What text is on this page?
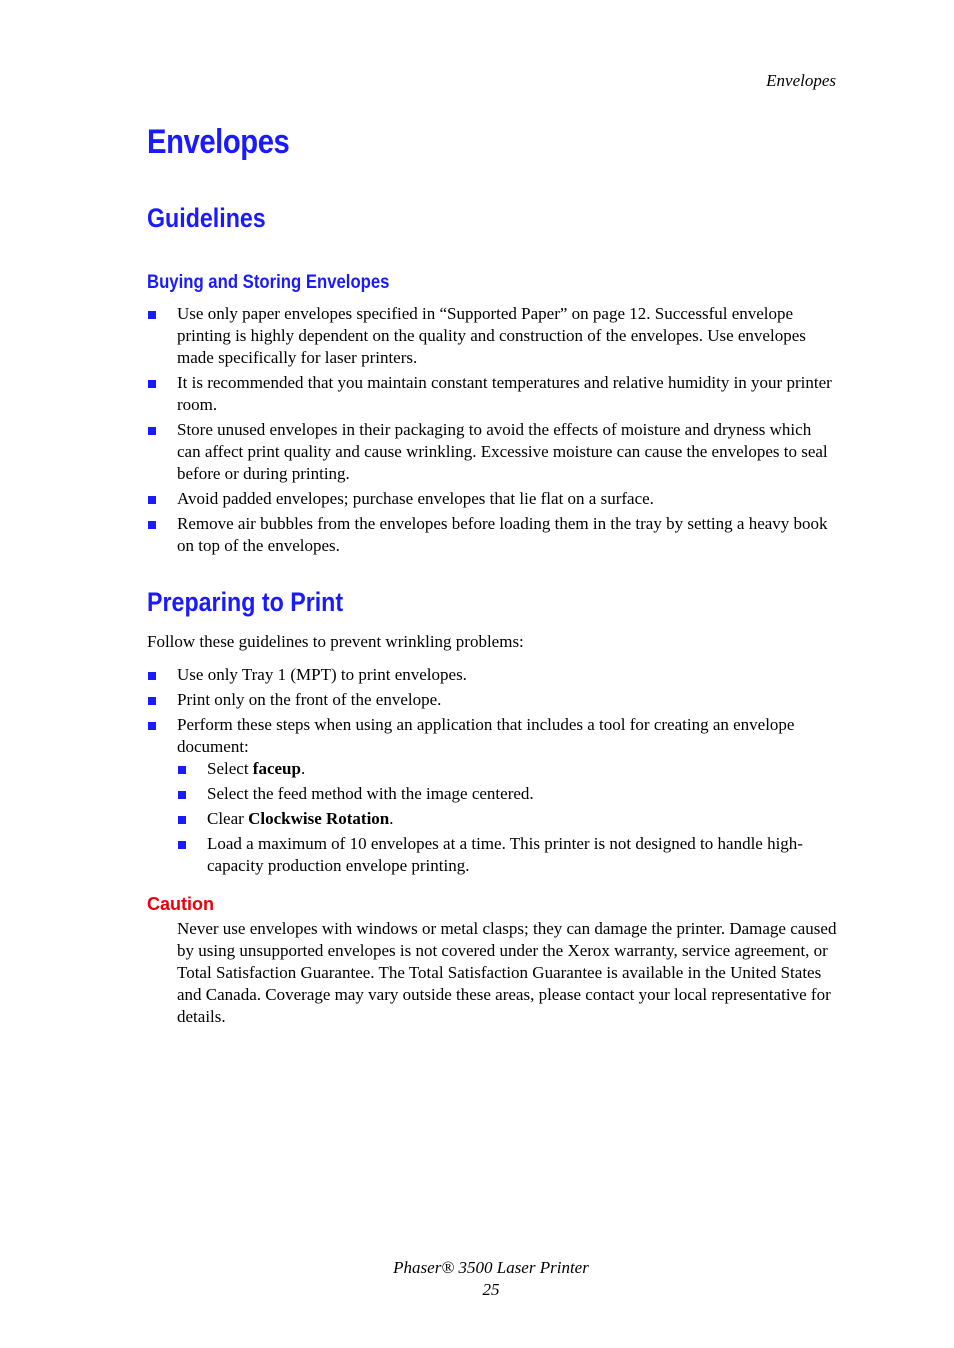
Envelopes
Envelopes
Guidelines
Buying and Storing Envelopes
Use only paper envelopes specified in “Supported Paper” on page 12. Successful envelope printing is highly dependent on the quality and construction of the envelopes. Use envelopes made specifically for laser printers.
It is recommended that you maintain constant temperatures and relative humidity in your printer room.
Store unused envelopes in their packaging to avoid the effects of moisture and dryness which can affect print quality and cause wrinkling. Excessive moisture can cause the envelopes to seal before or during printing.
Avoid padded envelopes; purchase envelopes that lie flat on a surface.
Remove air bubbles from the envelopes before loading them in the tray by setting a heavy book on top of the envelopes.
Preparing to Print
Follow these guidelines to prevent wrinkling problems:
Use only Tray 1 (MPT) to print envelopes.
Print only on the front of the envelope.
Perform these steps when using an application that includes a tool for creating an envelope document:
Select faceup.
Select the feed method with the image centered.
Clear Clockwise Rotation.
Load a maximum of 10 envelopes at a time. This printer is not designed to handle high-capacity production envelope printing.
Caution
Never use envelopes with windows or metal clasps; they can damage the printer. Damage caused by using unsupported envelopes is not covered under the Xerox warranty, service agreement, or Total Satisfaction Guarantee. The Total Satisfaction Guarantee is available in the United States and Canada. Coverage may vary outside these areas, please contact your local representative for details.
Phaser® 3500 Laser Printer
25
